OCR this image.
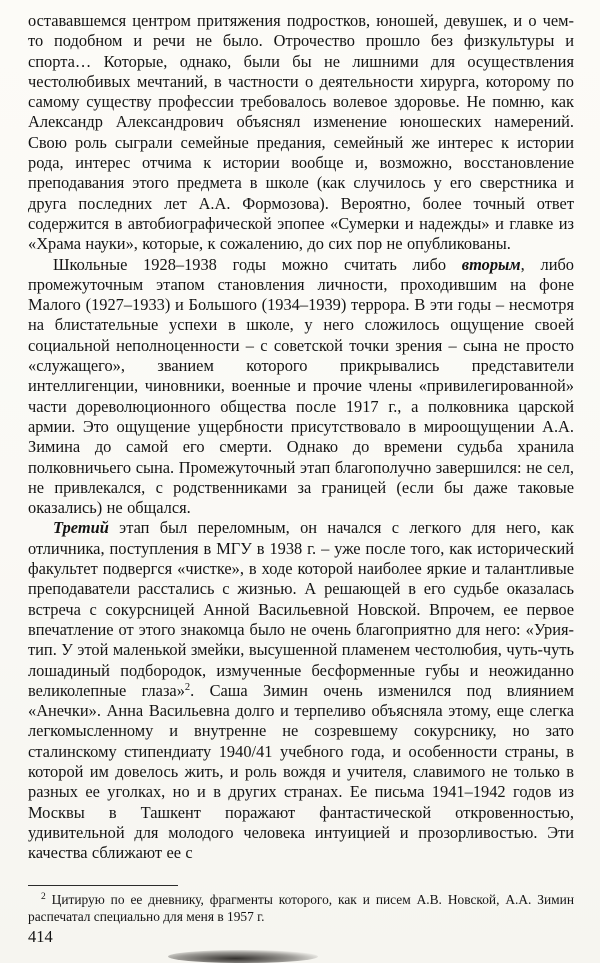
остававшемся центром притяжения подростков, юношей, девушек, и о чем-то подобном и речи не было. Отрочество прошло без физкультуры и спорта… Которые, однако, были бы не лишними для осуществления честолюбивых мечтаний, в частности о деятельности хирурга, которому по самому существу профессии требовалось волевое здоровье. Не помню, как Александр Александрович объяснял изменение юношеских намерений. Свою роль сыграли семейные предания, семейный же интерес к истории рода, интерес отчима к истории вообще и, возможно, восстановление преподавания этого предмета в школе (как случилось у его сверстника и друга последних лет А.А. Формозова). Вероятно, более точный ответ содержится в автобиографической эпопее «Сумерки и надежды» и главке из «Храма науки», которые, к сожалению, до сих пор не опубликованы.

Школьные 1928–1938 годы можно считать либо вторым, либо промежуточным этапом становления личности, проходившим на фоне Малого (1927–1933) и Большого (1934–1939) террора. В эти годы – несмотря на блистательные успехи в школе, у него сложилось ощущение своей социальной неполноценности – с советской точки зрения – сына не просто «служащего», званием которого прикрывались представители интеллигенции, чиновники, военные и прочие члены «привилегированной» части дореволюционного общества после 1917 г., а полковника царской армии. Это ощущение ущербности присутствовало в мироощущении А.А. Зимина до самой его смерти. Однако до времени судьба хранила полковничьего сына. Промежуточный этап благополучно завершился: не сел, не привлекался, с родственниками за границей (если бы даже таковые оказались) не общался.

Третий этап был переломным, он начался с легкого для него, как отличника, поступления в МГУ в 1938 г. – уже после того, как исторический факультет подвергся «чистке», в ходе которой наиболее яркие и талантливые преподаватели расстались с жизнью. А решающей в его судьбе оказалась встреча с сокурсницей Анной Васильевной Новской. Впрочем, ее первое впечатление от этого знакомца было не очень благоприятно для него: «Урия-тип. У этой маленькой змейки, высушенной пламенем честолюбия, чуть-чуть лошадиный подбородок, измученные бесформенные губы и неожиданно великолепные глаза»$^2$. Саша Зимин очень изменился под влиянием «Анечки». Анна Васильевна долго и терпеливо объясняла этому, еще слегка легкомысленному и внутренне не созревшему сокурснику, но зато сталинскому стипендиату 1940/41 учебного года, и особенности страны, в которой им довелось жить, и роль вождя и учителя, славимого не только в разных ее уголках, но и в других странах. Ее письма 1941–1942 годов из Москвы в Ташкент поражают фантастической откровенностью, удивительной для молодого человека интуицией и прозорливостью. Эти качества сближают ее с

$^2$ Цитирую по ее дневнику, фрагменты которого, как и писем А.В. Новской, А.А. Зимин распечатал специально для меня в 1957 г.

414
